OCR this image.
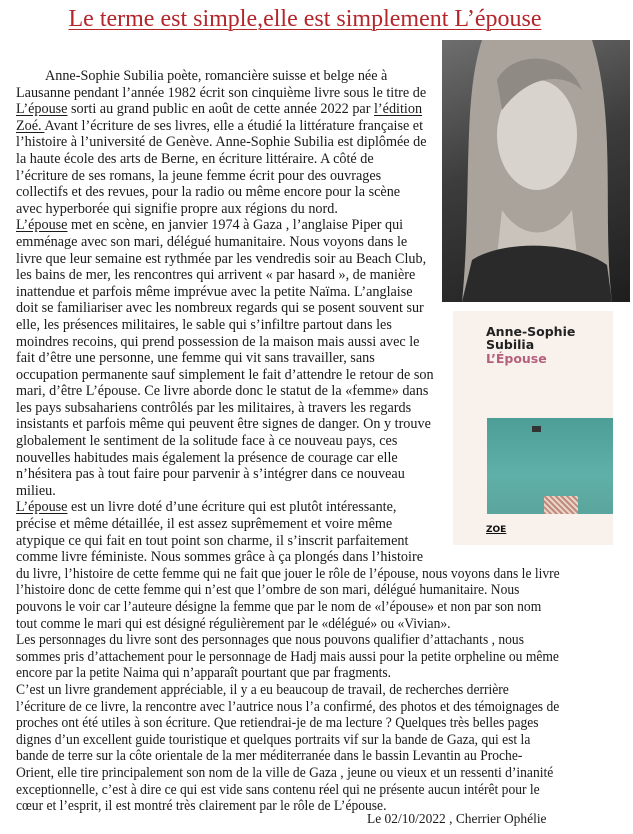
Le terme est simple,elle est simplement L’épouse
Anne-Sophie Subilia poète, romancière suisse et belge née à
Lausanne pendant l’année 1982 écrit son cinquième livre sous le titre de
L’épouse sorti au grand public en août de cette année 2022 par l’édition
Zoé. Avant l’écriture de ses livres, elle a étudié la littérature française et
l’histoire à l’université de Genève. Anne-Sophie Subilia est diplômée de
la haute école des arts de Berne, en écriture littéraire. A côté de
l’écriture de ses romans, la jeune femme écrit pour des ouvrages
collectifs et des revues, pour la radio ou même encore pour la scène
avec hyperborée qui signifie propre aux régions du nord.
L’épouse met en scène, en janvier 1974 à Gaza , l’anglaise Piper qui
emménage avec son mari, délégué humanitaire. Nous voyons dans le
livre que leur semaine est rythmée par les vendredis soir au Beach Club,
les bains de mer, les rencontres qui arrivent « par hasard », de manière
inattendue et parfois même imprévue avec la petite Naïma. L’anglaise
doit se familiariser avec les nombreux regards qui se posent souvent sur
elle, les présences militaires, le sable qui s’infiltre partout dans les
moindres recoins, qui prend possession de la maison mais aussi avec le
fait d’être une personne, une femme qui vit sans travailler, sans
occupation permanente sauf simplement le fait d’attendre le retour de son
mari, d’être L’épouse. Ce livre aborde donc le statut de la «femme» dans
les pays subsahariens contrôlés par les militaires, à travers les regards
insistants et parfois même qui peuvent être signes de danger. On y trouve
globalement le sentiment de la solitude face à ce nouveau pays, ces
nouvelles habitudes mais également la présence de courage car elle
n’hésitera pas à tout faire pour parvenir à s’intégrer dans ce nouveau
milieu.
L’épouse est un livre doté d’une écriture qui est plutôt intéressante,
précise et même détaillée, il est assez suprêmement et voire même
atypique ce qui fait en tout point son charme, il s’inscrit parfaitement
comme livre féministe. Nous sommes grâce à ça plongés dans l’histoire
du livre, l’histoire de cette femme qui ne fait que jouer le rôle de l’épouse, nous voyons dans le livre
l’histoire donc de cette femme qui n’est que l’ombre de son mari, délégué humanitaire. Nous
pouvons le voir car l’auteure désigne la femme que par le nom de «l’épouse» et non par son nom
tout comme le mari qui est désigné régulièrement par le «délégué» ou «Vivian».
Les personnages du livre sont des personnages que nous pouvons qualifier d’attachants , nous
sommes pris d’attachement pour le personnage de Hadj mais aussi pour la petite orpheline ou même
encore par la petite Naima qui n’apparaît pourtant que par fragments.
C’est un livre grandement appréciable, il y a eu beaucoup de travail, de recherches derrière
l’écriture de ce livre, la rencontre avec l’autrice nous l’a confirmé, des photos et des témoignages de
proches ont été utiles à son écriture. Que retiendrai-je de ma lecture ? Quelques très belles pages
dignes d’un excellent guide touristique et quelques portraits vif sur la bande de Gaza, qui est la
bande de terre sur la côte orientale de la mer méditerranée dans le bassin Levantin au Proche-
Orient, elle tire principalement son nom de la ville de Gaza , jeune ou vieux et un ressenti d’inanité
exceptionnelle, c’est à dire ce qui est vide sans contenu réel qui ne présente aucun intérêt pour le
cœur et l’esprit, il est montré très clairement par le rôle de L’épouse.
Anne-Sophie
Subilia
L’Épouse
ZOE
Le 02/10/2022 , Cherrier Ophélie
